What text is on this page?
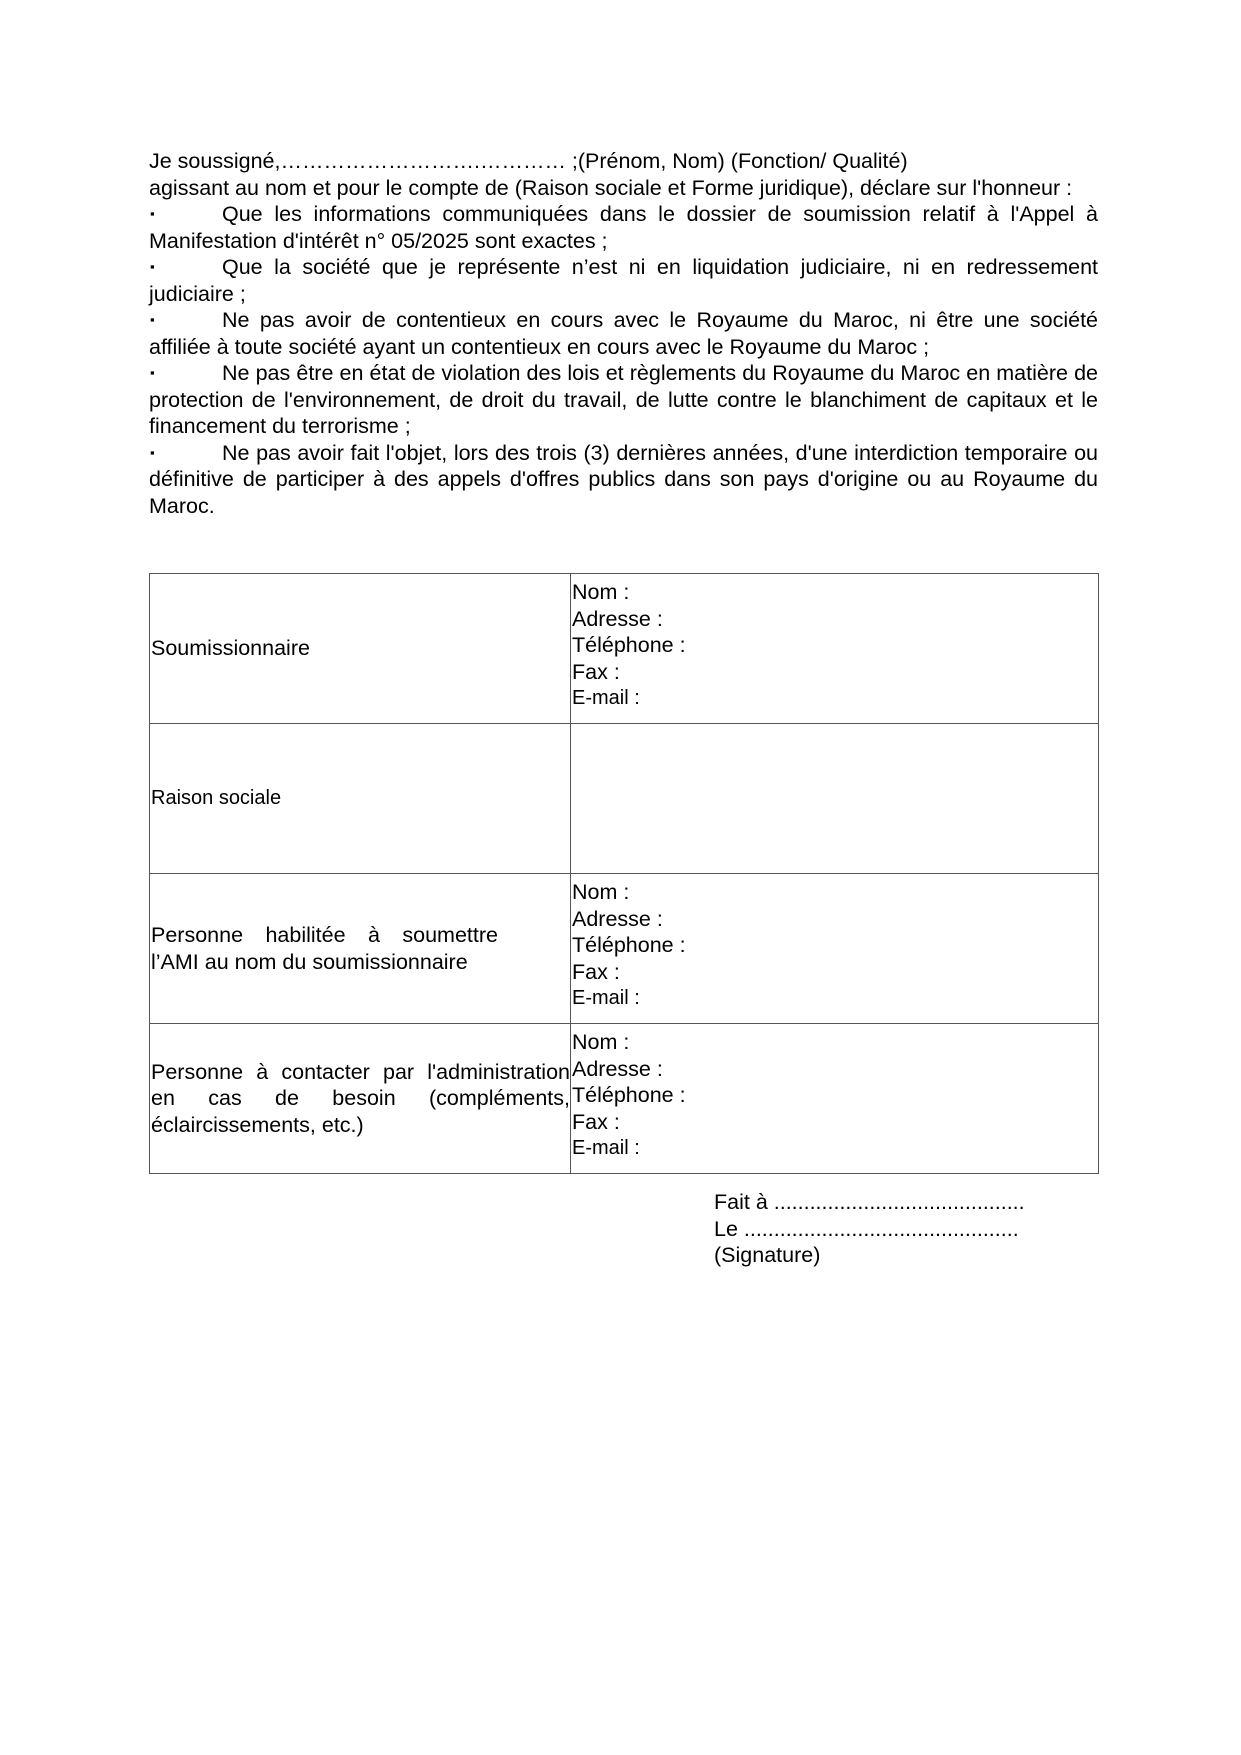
Je soussigné,……………………….………… ;(Prénom, Nom) (Fonction/ Qualité)

agissant au nom et pour le compte de (Raison sociale et Forme juridique), déclare sur l'honneur :

▪	Que les informations communiquées dans le dossier de soumission relatif à l'Appel à Manifestation d'intérêt n° 05/2025 sont exactes ;

▪	Que la société que je représente n’est ni en liquidation judiciaire, ni en redressement judiciaire ;

▪	Ne pas avoir de contentieux en cours avec le Royaume du Maroc, ni être une société affiliée à toute société ayant un contentieux en cours avec le Royaume du Maroc ;

▪	Ne pas être en état de violation des lois et règlements du Royaume du Maroc en matière de protection de l'environnement, de droit du travail, de lutte contre le blanchiment de capitaux et le financement du terrorisme ;

▪	Ne pas avoir fait l'objet, lors des trois (3) dernières années, d'une interdiction temporaire ou définitive de participer à des appels d'offres publics dans son pays d'origine ou au Royaume du Maroc.

Soumissionnaire	Nom :
Adresse :
Téléphone :
Fax :
E-mail :

Raison sociale	

Personne habilitée à soumettre l’AMI au nom du soumissionnaire	Nom :
Adresse :
Téléphone :
Fax :
E-mail :

Personne à contacter par l'administration en cas de besoin (compléments, éclaircissements, etc.)	Nom :
Adresse :
Téléphone :
Fax :
E-mail :
Fait à ..........................................
Le ..............................................
(Signature)
